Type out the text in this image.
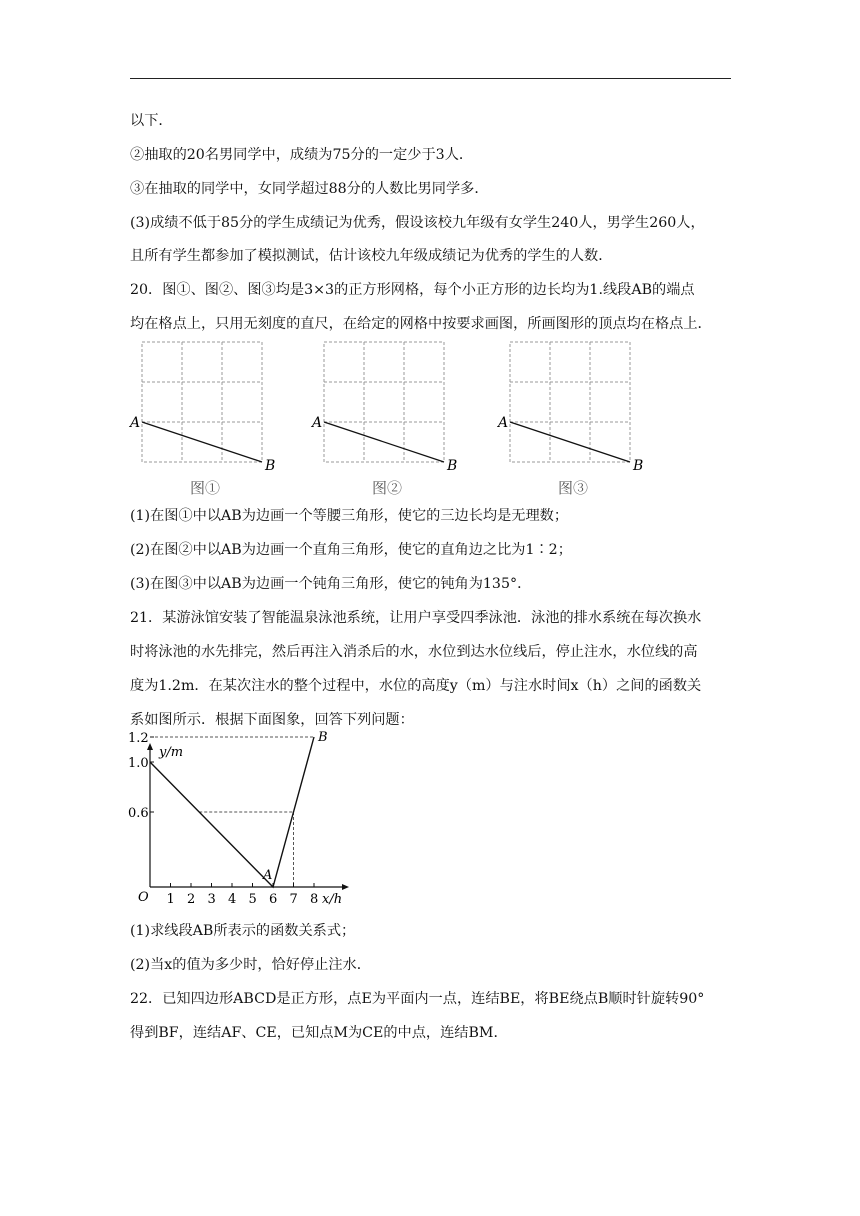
以下．
②抽取的20名男同学中，成绩为75分的一定少于3人．
③在抽取的同学中，女同学超过88分的人数比男同学多．
(3)成绩不低于85分的学生成绩记为优秀，假设该校九年级有女学生240人，男学生260人，
且所有学生都参加了模拟测试，估计该校九年级成绩记为优秀的学生的人数．
20．图①、图②、图③均是3×3的正方形网格，每个小正方形的边长均为1.线段AB的端点
均在格点上，只用无刻度的直尺，在给定的网格中按要求画图，所画图形的顶点均在格点上．
A
B
图①
A
B
图②
A
B
图③
(1)在图①中以AB为边画一个等腰三角形，使它的三边长均是无理数；
(2)在图②中以AB为边画一个直角三角形，使它的直角边之比为1∶2；
(3)在图③中以AB为边画一个钝角三角形，使它的钝角为135°．
21．某游泳馆安装了智能温泉泳池系统，让用户享受四季泳池．泳池的排水系统在每次换水
时将泳池的水先排完，然后再注入消杀后的水，水位到达水位线后，停止注水，水位线的高
度为1.2m．在某次注水的整个过程中，水位的高度y（m）与注水时间x（h）之间的函数关
系如图所示．根据下面图象，回答下列问题：
y/m
x/h
O 1 2 3 4 5 6 7 8
1.2
1.0
0.6
A
B
(1)求线段AB所表示的函数关系式；
(2)当x的值为多少时，恰好停止注水．
22．已知四边形ABCD是正方形，点E为平面内一点，连结BE，将BE绕点B顺时针旋转90°
得到BF，连结AF、CE，已知点M为CE的中点，连结BM．
